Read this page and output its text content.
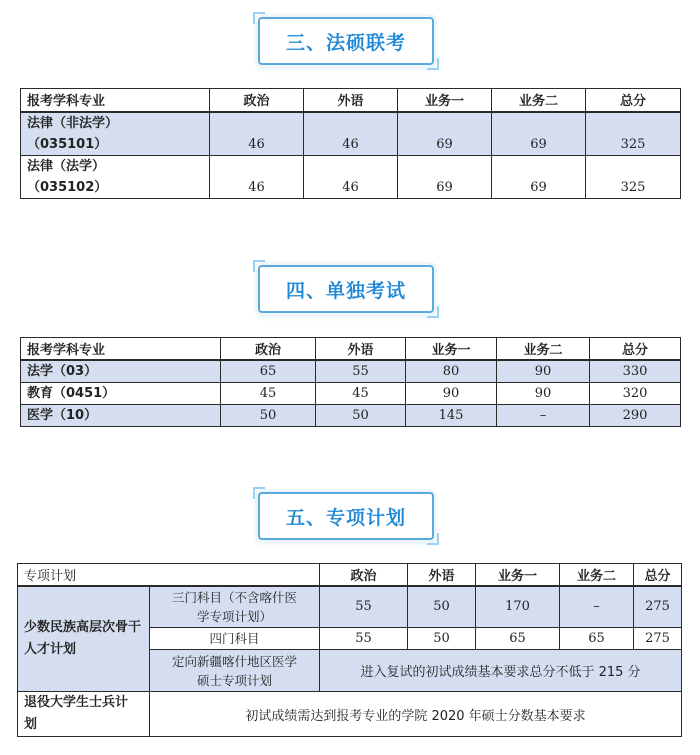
三、法硕联考
报考学科专业	政治	外语	业务一	业务二	总分

法律（非法学）
（035101）	46	46	69	69	325

法律（法学）
（035102）	46	46	69	69	325
四、单独考试
报考学科专业	政治	外语	业务一	业务二	总分
法学（03）	65	55	80	90	330
教育（0451）	45	45	90	90	320
医学（10）	50	50	145	–	290
五、专项计划
专项计划		政治	外语	业务一	业务二	总分
少数民族高层次骨干人才计划	三门科目（不含喀什医学专项计划）	55	50	170	–	275
	四门科目	55	50	65	65	275
	定向新疆喀什地区医学硕士专项计划	进入复试的初试成绩基本要求总分不低于 215 分				
退役大学生士兵计划	初试成绩需达到报考专业的学院 2020 年硕士分数基本要求					
